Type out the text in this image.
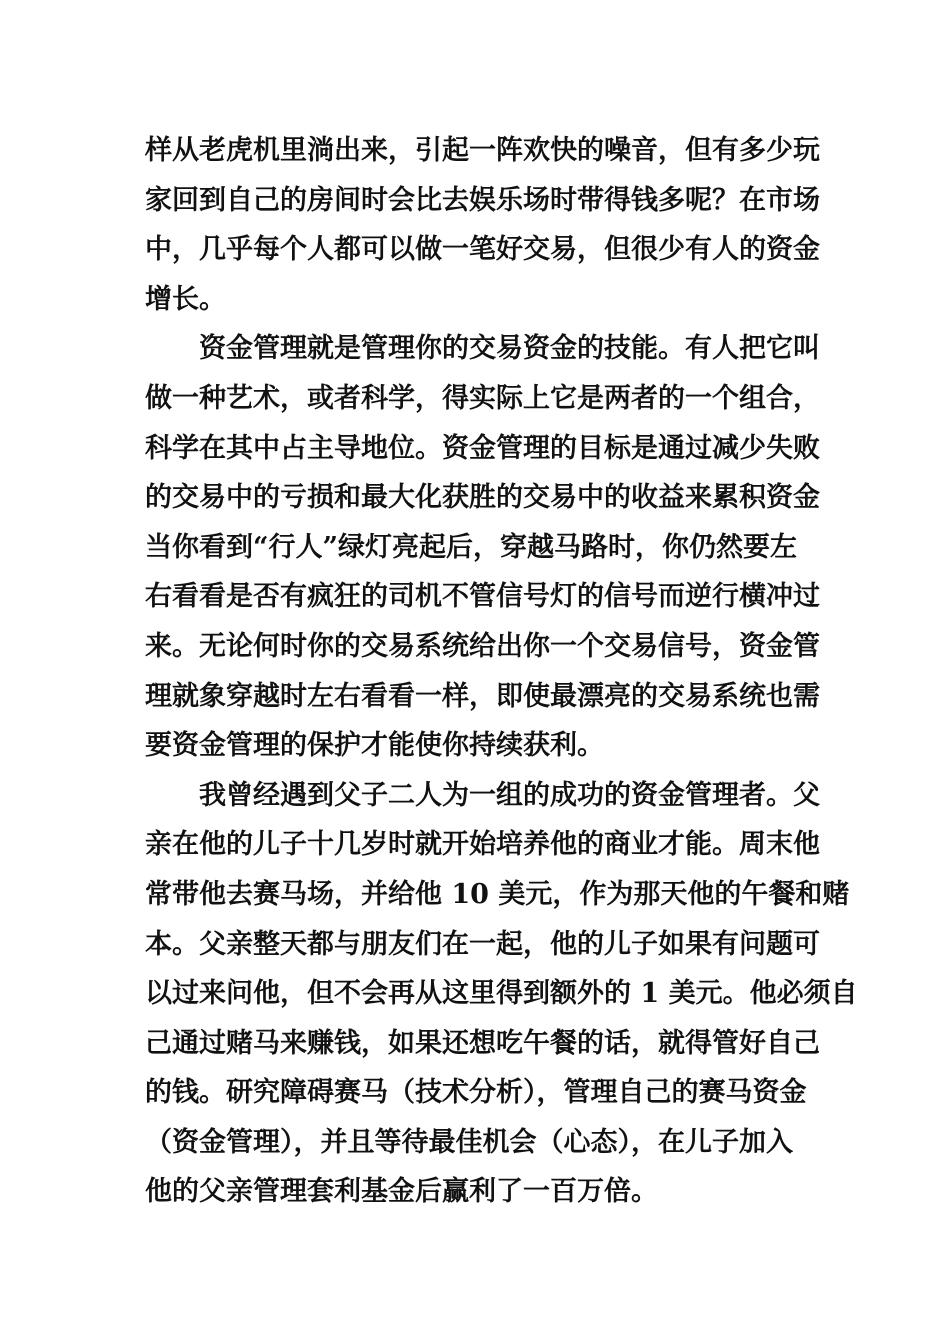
样从老虎机里淌出来，引起一阵欢快的噪音，但有多少玩
家回到自己的房间时会比去娱乐场时带得钱多呢？在市场
中，几乎每个人都可以做一笔好交易，但很少有人的资金
增长。

　　资金管理就是管理你的交易资金的技能。有人把它叫
做一种艺术，或者科学，得实际上它是两者的一个组合，
科学在其中占主导地位。资金管理的目标是通过减少失败
的交易中的亏损和最大化获胜的交易中的收益来累积资金
当你看到“行人”绿灯亮起后，穿越马路时，你仍然要左
右看看是否有疯狂的司机不管信号灯的信号而逆行横冲过
来。无论何时你的交易系统给出你一个交易信号，资金管
理就象穿越时左右看看一样，即使最漂亮的交易系统也需
要资金管理的保护才能使你持续获利。

　　我曾经遇到父子二人为一组的成功的资金管理者。父
亲在他的儿子十几岁时就开始培养他的商业才能。周末他
常带他去赛马场，并给他 10 美元，作为那天他的午餐和赌
本。父亲整天都与朋友们在一起，他的儿子如果有问题可
以过来问他，但不会再从这里得到额外的 1 美元。他必须自
己通过赌马来赚钱，如果还想吃午餐的话，就得管好自己
的钱。研究障碍赛马（技术分析），管理自己的赛马资金
（资金管理），并且等待最佳机会（心态），在儿子加入
他的父亲管理套利基金后赢利了一百万倍。
